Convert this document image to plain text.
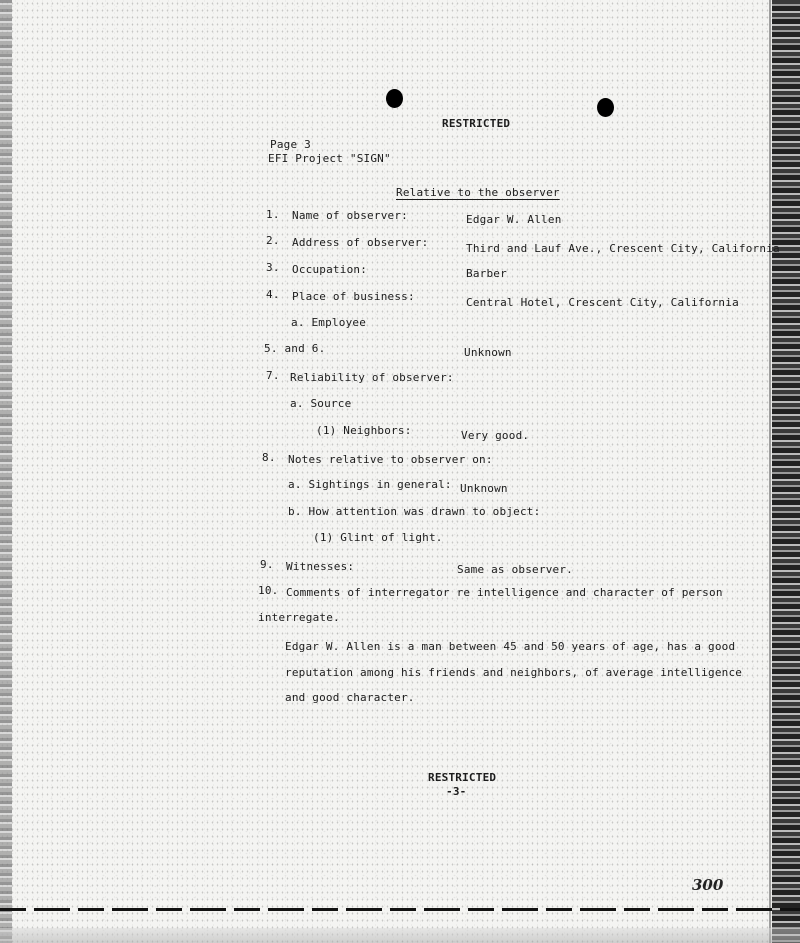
RESTRICTED
Page 3
EFI Project "SIGN"
Relative to the observer
1. Name of observer:	Edgar W. Allen
2. Address of observer:	Third and Lauf Ave., Crescent City, California
3. Occupation:	Barber
4. Place of business:	Central Hotel, Crescent City, California
a. Employee
5. and 6.	Unknown
7. Reliability of observer:
a. Source
(1) Neighbors:	Very good.
8. Notes relative to observer on:
a. Sightings in general: Unknown
b. How attention was drawn to object:
(1) Glint of light.
9. Witnesses:	Same as observer.
10. Comments of interregator re intelligence and character of person
interregate.
Edgar W. Allen is a man between 45 and 50 years of age, has a good
reputation among his friends and neighbors, of average intelligence
and good character.
RESTRICTED
-3-
300
